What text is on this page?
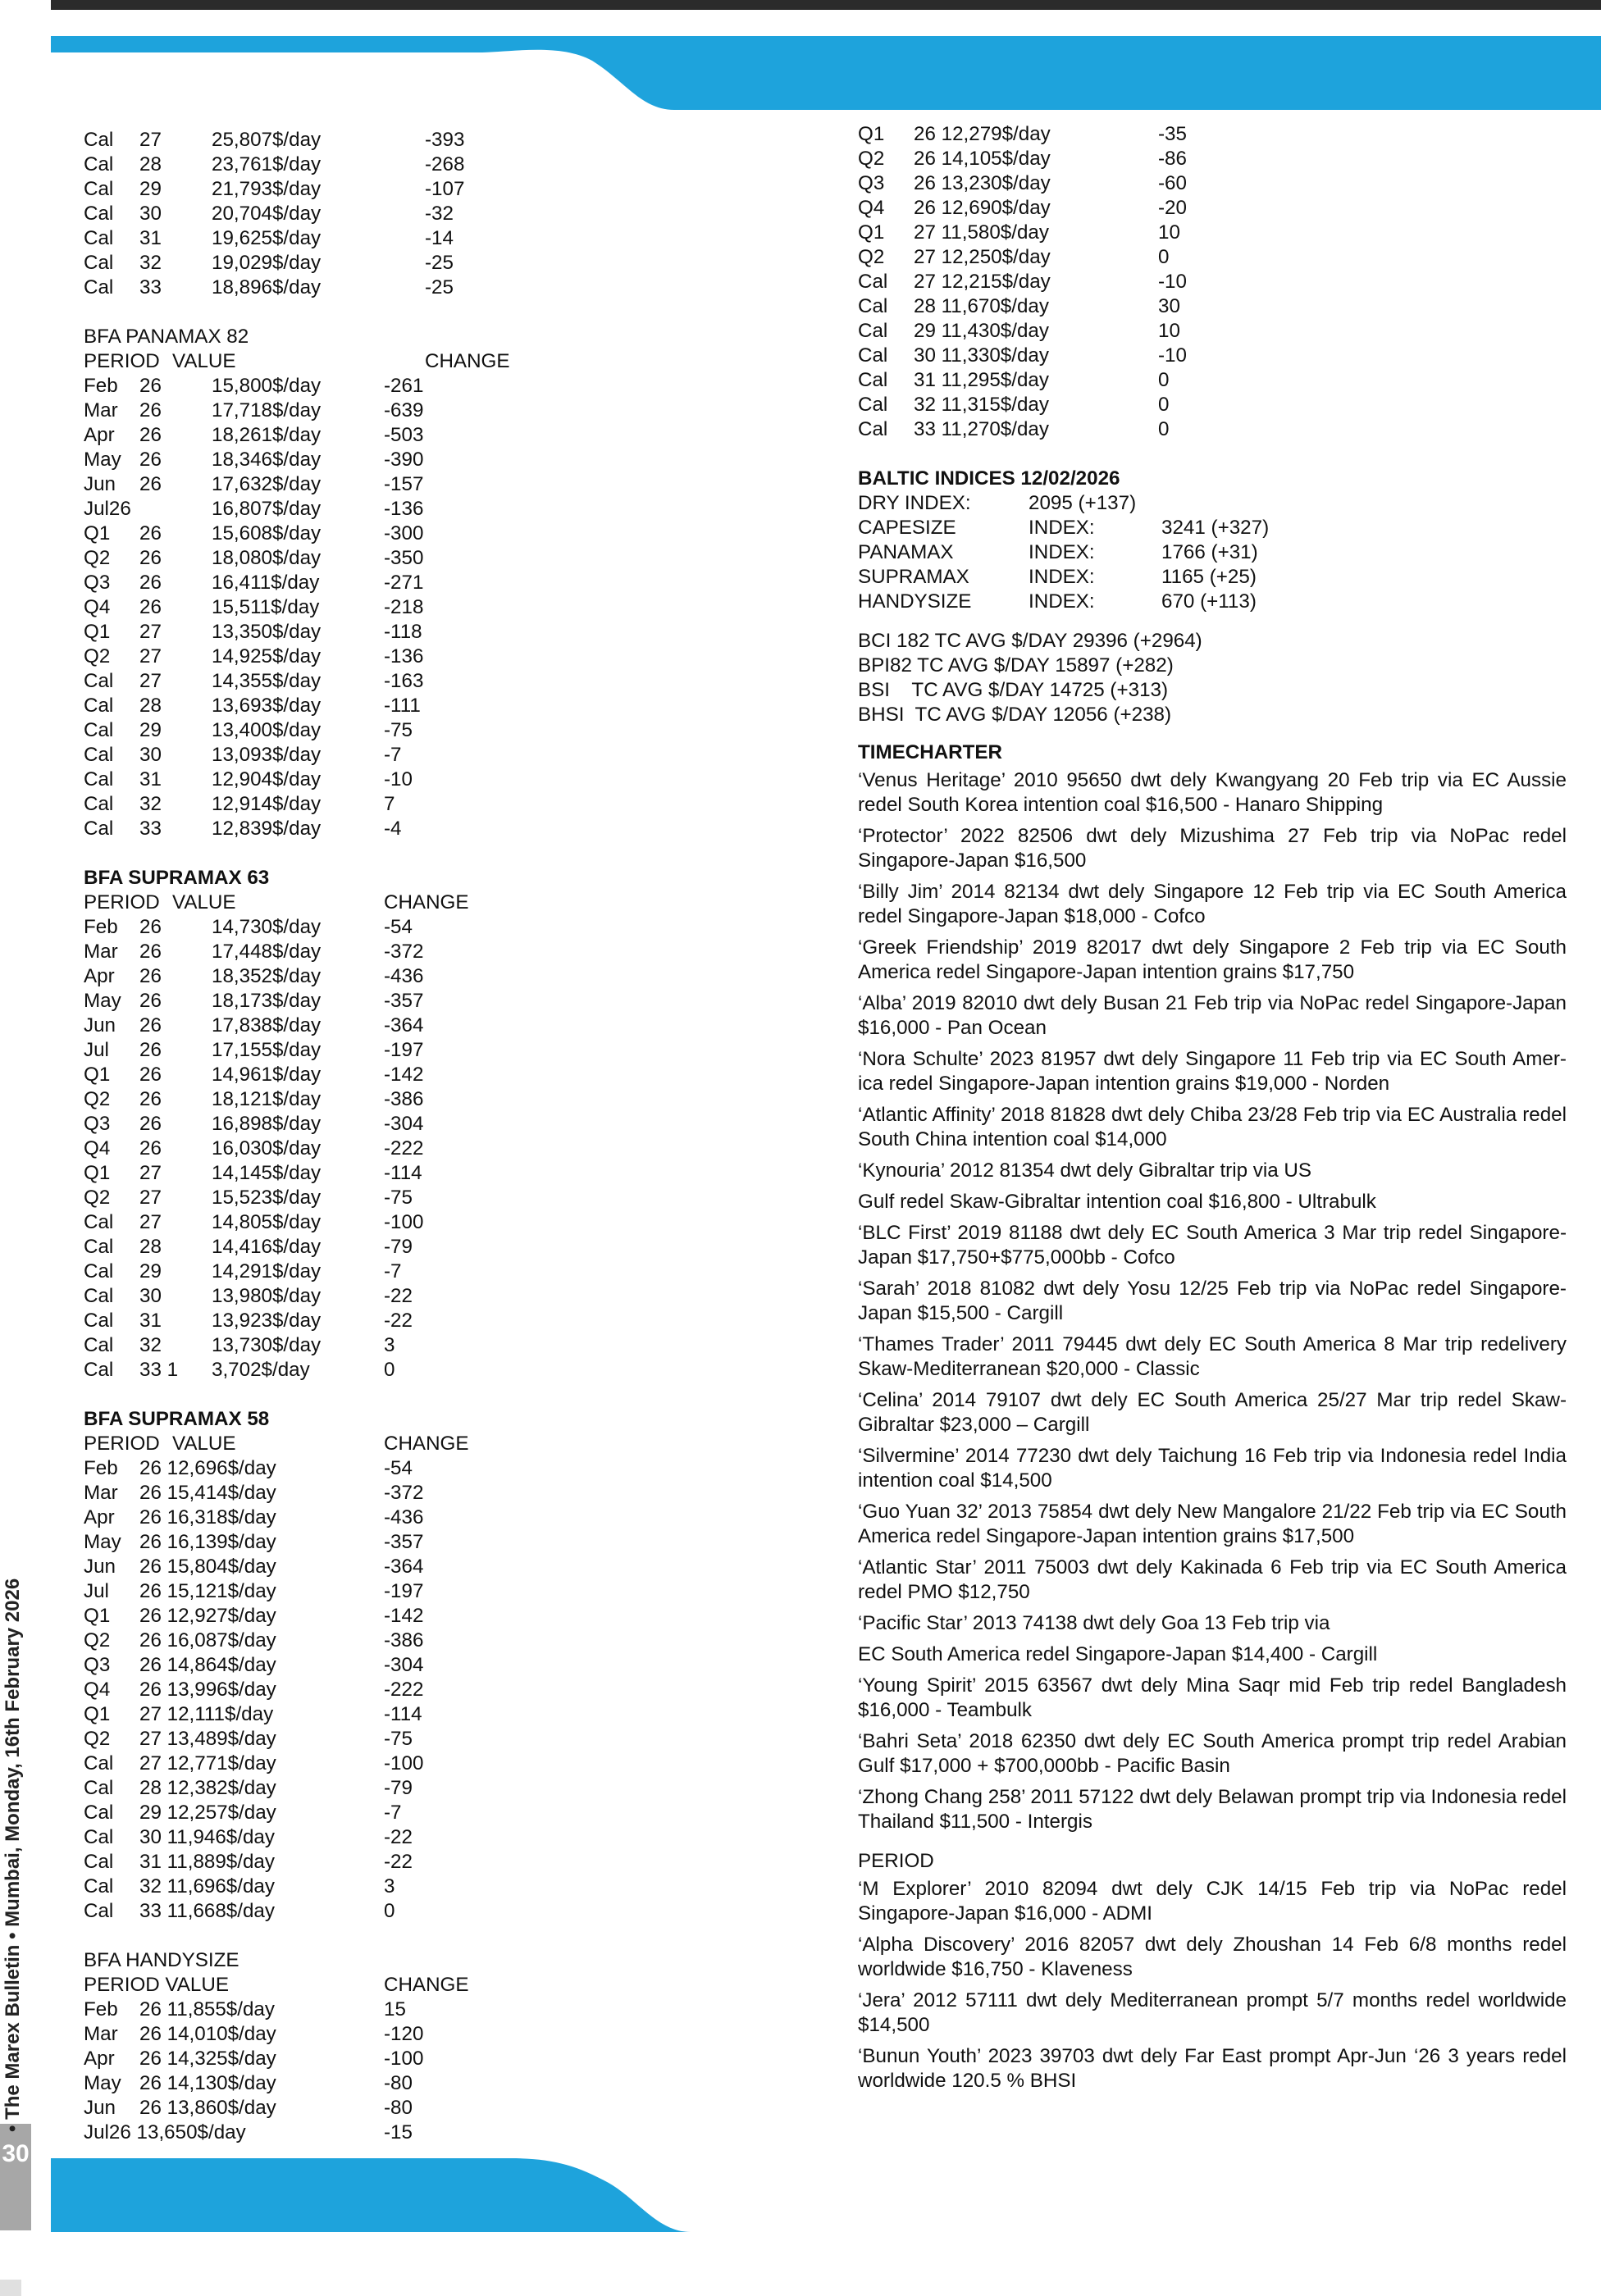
30
• The Marex Bulletin • Mumbai, Monday, 16th February 2026
Cal 27	25,807$/day	-393
Cal 28	23,761$/day	-268
Cal 29	21,793$/day	-107
Cal 30	20,704$/day	-32
Cal 31	19,625$/day	-14
Cal 32	19,029$/day	-25
Cal 33	18,896$/day	-25
BFA PANAMAX 82
PERIOD VALUE	CHANGE
Feb 26	15,800$/day	-261
Mar 26	17,718$/day	-639
Apr 26	18,261$/day	-503
May 26	18,346$/day	-390
Jun 26	17,632$/day	-157
Jul26	16,807$/day	-136
Q1 26	15,608$/day	-300
Q2 26	18,080$/day	-350
Q3 26	16,411$/day	-271
Q4 26	15,511$/day	-218
Q1 27	13,350$/day	-118
Q2 27	14,925$/day	-136
Cal 27	14,355$/day	-163
Cal 28	13,693$/day	-111
Cal 29	13,400$/day	-75
Cal 30	13,093$/day	-7
Cal 31	12,904$/day	-10
Cal 32	12,914$/day	7
Cal 33	12,839$/day	-4
BFA SUPRAMAX 63
PERIOD VALUE	CHANGE
Feb 26	14,730$/day	-54
Mar 26	17,448$/day	-372
Apr 26	18,352$/day	-436
May 26	18,173$/day	-357
Jun 26	17,838$/day	-364
Jul 26	17,155$/day	-197
Q1 26	14,961$/day	-142
Q2 26	18,121$/day	-386
Q3 26	16,898$/day	-304
Q4 26	16,030$/day	-222
Q1 27	14,145$/day	-114
Q2 27	15,523$/day	-75
Cal 27	14,805$/day	-100
Cal 28	14,416$/day	-79
Cal 29	14,291$/day	-7
Cal 30	13,980$/day	-22
Cal 31	13,923$/day	-22
Cal 32	13,730$/day	3
Cal 33 1 3,702$/day	0
BFA SUPRAMAX 58
PERIOD VALUE	CHANGE
Feb 26 12,696$/day	-54
Mar 26 15,414$/day	-372
Apr 26 16,318$/day	-436
May 26 16,139$/day	-357
Jun 26 15,804$/day	-364
Jul 26 15,121$/day	-197
Q1 26 12,927$/day	-142
Q2 26 16,087$/day	-386
Q3 26 14,864$/day	-304
Q4 26 13,996$/day	-222
Q1 27 12,111$/day	-114
Q2 27 13,489$/day	-75
Cal 27 12,771$/day	-100
Cal 28 12,382$/day	-79
Cal 29 12,257$/day	-7
Cal 30 11,946$/day	-22
Cal 31 11,889$/day	-22
Cal 32 11,696$/day	3
Cal 33 11,668$/day	0
BFA HANDYSIZE
PERIOD VALUE	CHANGE
Feb 26 11,855$/day	15
Mar 26 14,010$/day	-120
Apr 26 14,325$/day	-100
May 26 14,130$/day	-80
Jun 26 13,860$/day	-80
Jul26 13,650$/day	-15
Q1 26 12,279$/day	-35
Q2 26 14,105$/day	-86
Q3 26 13,230$/day	-60
Q4 26 12,690$/day	-20
Q1 27 11,580$/day	10
Q2 27 12,250$/day	0
Cal 27 12,215$/day	-10
Cal 28 11,670$/day	30
Cal 29 11,430$/day	10
Cal 30 11,330$/day	-10
Cal 31 11,295$/day	0
Cal 32 11,315$/day	0
Cal 33 11,270$/day	0
BALTIC INDICES 12/02/2026
DRY INDEX:	2095 (+137)
CAPESIZE	INDEX:	3241 (+327)
PANAMAX	INDEX:	1766 (+31)
SUPRAMAX	INDEX:	1165 (+25)
HANDYSIZE	INDEX:	670 (+113)
BCI 182 TC AVG $/DAY 29396 (+2964)
BPI82 TC AVG $/DAY 15897 (+282)
BSI    TC AVG $/DAY 14725 (+313)
BHSI  TC AVG $/DAY 12056 (+238)
TIMECHARTER

‘Venus Heritage’ 2010 95650 dwt dely Kwangyang 20 Feb trip via EC Aussie redel South Korea intention coal $16,500 - Hanaro Shipping

‘Protector’ 2022 82506 dwt dely Mizushima 27 Feb trip via NoPac redel Singapore-Japan $16,500

‘Billy Jim’ 2014 82134 dwt dely Singapore 12 Feb trip via EC South America redel Singapore-Japan $18,000 - Cofco

‘Greek Friendship’ 2019 82017 dwt dely Singapore 2 Feb trip via EC South America redel Singapore-Japan intention grains $17,750

‘Alba’ 2019 82010 dwt dely Busan 21 Feb trip via NoPac redel Singapore-Japan $16,000 - Pan Ocean

‘Nora Schulte’ 2023 81957 dwt dely Singapore 11 Feb trip via EC South Amer-ica redel Singapore-Japan intention grains $19,000 - Norden

‘Atlantic Affinity’ 2018 81828 dwt dely Chiba 23/28 Feb trip via EC Australia redel South China intention coal $14,000

‘Kynouria’ 2012 81354 dwt dely Gibraltar trip via US

Gulf redel Skaw-Gibraltar intention coal $16,800 - Ultrabulk

‘BLC First’ 2019 81188 dwt dely EC South America 3 Mar trip redel Singapore-Japan $17,750+$775,000bb - Cofco

‘Sarah’ 2018 81082 dwt dely Yosu 12/25 Feb trip via NoPac redel Singapore-Japan $15,500 - Cargill

‘Thames Trader’ 2011 79445 dwt dely EC South America 8 Mar trip redelivery Skaw-Mediterranean $20,000 - Classic

‘Celina’ 2014 79107 dwt dely EC South America 25/27 Mar trip redel Skaw-Gibraltar $23,000 – Cargill

‘Silvermine’ 2014 77230 dwt dely Taichung 16 Feb trip via Indonesia redel India intention coal $14,500

‘Guo Yuan 32’ 2013 75854 dwt dely New Mangalore 21/22 Feb trip via EC South America redel Singapore-Japan intention grains $17,500

‘Atlantic Star’ 2011 75003 dwt dely Kakinada 6 Feb trip via EC South America redel PMO $12,750

‘Pacific Star’ 2013 74138 dwt dely Goa 13 Feb trip via

EC South America redel Singapore-Japan $14,400 - Cargill

‘Young Spirit’ 2015 63567 dwt dely Mina Saqr mid Feb trip redel Bangladesh $16,000 - Teambulk

‘Bahri Seta’ 2018 62350 dwt dely EC South America prompt trip redel Arabian Gulf $17,000 + $700,000bb - Pacific Basin

‘Zhong Chang 258’ 2011 57122 dwt dely Belawan prompt trip via Indonesia redel Thailand $11,500 - Intergis

PERIOD

‘M Explorer’ 2010 82094 dwt dely CJK 14/15 Feb trip via NoPac redel Singapore-Japan $16,000 - ADMI

‘Alpha Discovery’ 2016 82057 dwt dely Zhoushan 14 Feb 6/8 months redel worldwide $16,750 - Klaveness

‘Jera’ 2012 57111 dwt dely Mediterranean prompt 5/7 months redel worldwide $14,500

‘Bunun Youth’ 2023 39703 dwt dely Far East prompt Apr-Jun ‘26 3 years redel worldwide 120.5 % BHSI
